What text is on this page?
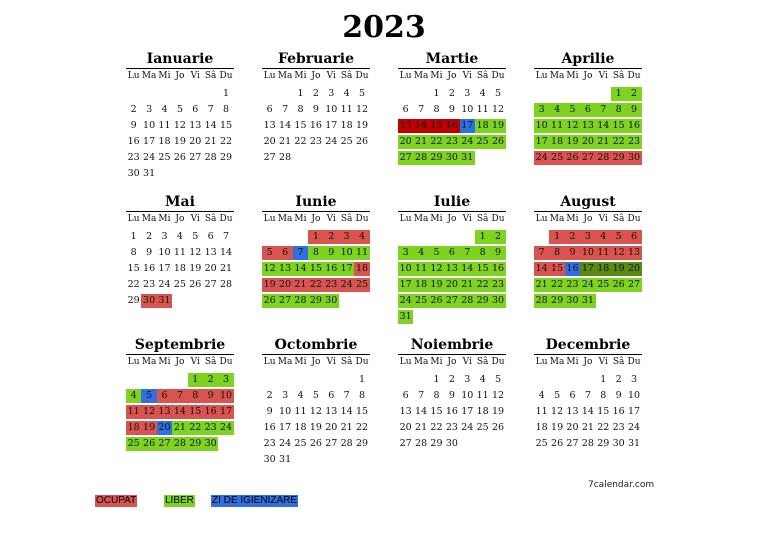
2023
Ianuarie
Lu Ma Mi Jo Vi Sâ Du
1
2 3 4 5 6 7 8
9 10 11 12 13 14 15
16 17 18 19 20 21 22
23 24 25 26 27 28 29
30 31
Februarie
Lu Ma Mi Jo Vi Sâ Du
1 2 3 4 5
6 7 8 9 10 11 12
13 14 15 16 17 18 19
20 21 22 23 24 25 26
27 28
Martie
Lu Ma Mi Jo Vi Sâ Du
1 2 3 4 5
6 7 8 9 10 11 12
13 14 15 16 17 18 19
20 21 22 23 24 25 26
27 28 29 30 31
Aprilie
Lu Ma Mi Jo Vi Sâ Du
1 2
3 4 5 6 7 8 9
10 11 12 13 14 15 16
17 18 19 20 21 22 23
24 25 26 27 28 29 30
Mai
Lu Ma Mi Jo Vi Sâ Du
1 2 3 4 5 6 7
8 9 10 11 12 13 14
15 16 17 18 19 20 21
22 23 24 25 26 27 28
29 30 31
Iunie
Lu Ma Mi Jo Vi Sâ Du
1 2 3 4
5 6 7 8 9 10 11
12 13 14 15 16 17 18
19 20 21 22 23 24 25
26 27 28 29 30
Iulie
Lu Ma Mi Jo Vi Sâ Du
1 2
3 4 5 6 7 8 9
10 11 12 13 14 15 16
17 18 19 20 21 22 23
24 25 26 27 28 29 30
31
August
Lu Ma Mi Jo Vi Sâ Du
1 2 3 4 5 6
7 8 9 10 11 12 13
14 15 16 17 18 19 20
21 22 23 24 25 26 27
28 29 30 31
Septembrie
Lu Ma Mi Jo Vi Sâ Du
1 2 3
4 5 6 7 8 9 10
11 12 13 14 15 16 17
18 19 20 21 22 23 24
25 26 27 28 29 30
Octombrie
Lu Ma Mi Jo Vi Sâ Du
1
2 3 4 5 6 7 8
9 10 11 12 13 14 15
16 17 18 19 20 21 22
23 24 25 26 27 28 29
30 31
Noiembrie
Lu Ma Mi Jo Vi Sâ Du
1 2 3 4 5
6 7 8 9 10 11 12
13 14 15 16 17 18 19
20 21 22 23 24 25 26
27 28 29 30
Decembrie
Lu Ma Mi Jo Vi Sâ Du
1 2 3
4 5 6 7 8 9 10
11 12 13 14 15 16 17
18 19 20 21 22 23 24
25 26 27 28 29 30 31
7calendar.com
OCUPAT	LIBER ZI DE IGIENIZARE
